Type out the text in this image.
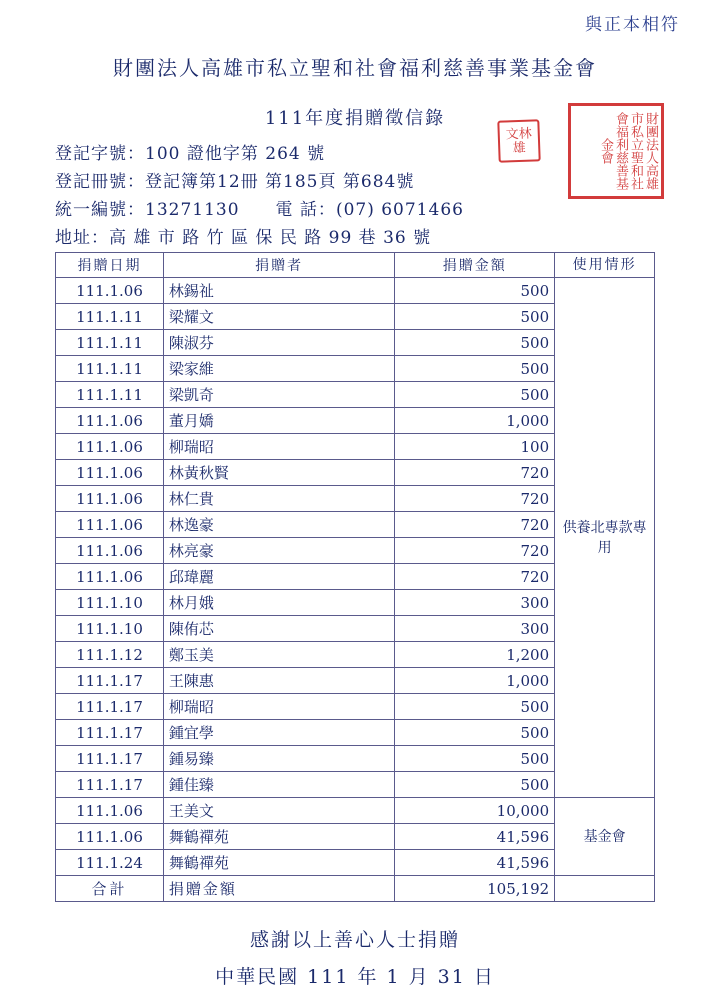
與正本相符
財團法人高雄市私立聖和社會福利慈善事業基金會
111年度捐贈徵信錄
登記字號：100 證他字第 264 號
登記冊號：登記簿第12冊 第185頁 第684號
統一編號：13271130 電 話：(07) 6071466
地址：高 雄 市 路 竹 區 保 民 路 99 巷 36 號
文林雄	財團法人高雄市私立聖和社會福利慈善基金會
捐贈日期	捐贈者	捐贈金額	使用情形
111.1.06	林錫祉	500	供養北專款專用
111.1.11	梁耀文	500	
111.1.11	陳淑芬	500	
111.1.11	梁家維	500	
111.1.11	梁凱奇	500	
111.1.06	董月嬌	1,000	
111.1.06	柳瑞昭	100	
111.1.06	林黃秋賢	720	
111.1.06	林仁貴	720	
111.1.06	林逸豪	720	
111.1.06	林亮豪	720	
111.1.06	邱瑋麗	720	
111.1.10	林月娥	300	
111.1.10	陳侑芯	300	
111.1.12	鄭玉美	1,200	
111.1.17	王陳惠	1,000	
111.1.17	柳瑞昭	500	
111.1.17	鍾宜學	500	
111.1.17	鍾易臻	500	
111.1.17	鍾佳臻	500	
111.1.06	王美文	10,000	基金會
111.1.06	舞鶴禪苑	41,596	
111.1.24	舞鶴禪苑	41,596	
合計	捐贈金額	105,192	
感謝以上善心人士捐贈
中華民國 111 年 1 月 31 日
